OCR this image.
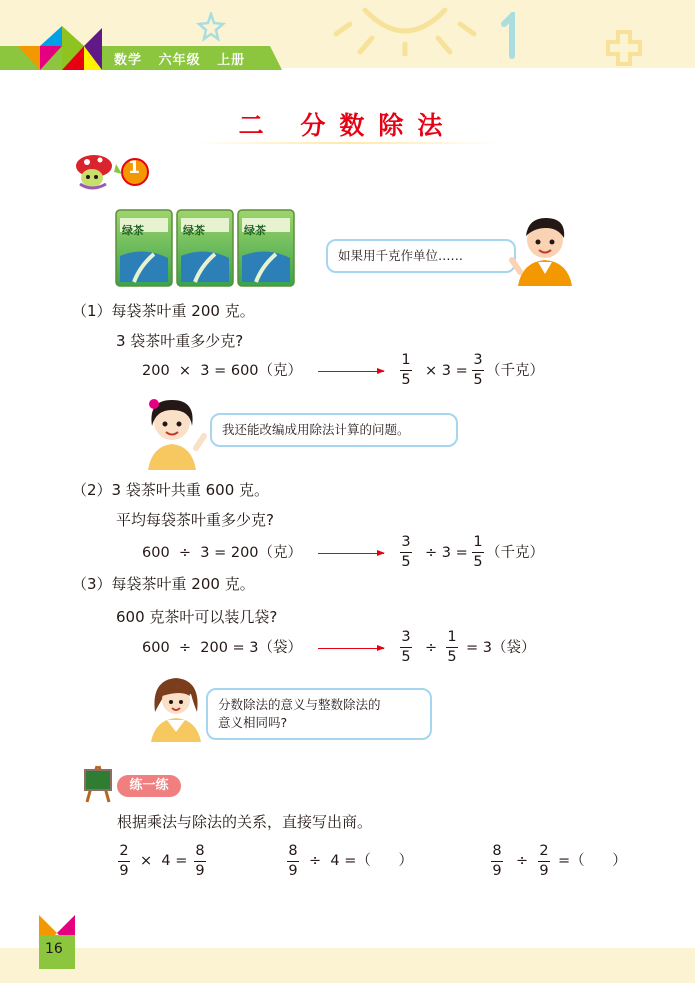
数学   六年级   上册
二 分数除法
1
绿茶	绿茶	绿茶
如果用千克作单位……
（1）每袋茶叶重 200 克。
3 袋茶叶重多少克?
200  ×  3 = 600（克）
1
5
× 3 =
3
5
（千克）
我还能改编成用除法计算的问题。
（2）3 袋茶叶共重 600 克。
平均每袋茶叶重多少克?
600  ÷  3 = 200（克）
3
5
÷ 3 =
1
5
（千克）
（3）每袋茶叶重 200 克。
600 克茶叶可以装几袋?
600  ÷  200 = 3（袋）
3
5
÷
1
5
= 3（袋）
分数除法的意义与整数除法的
意义相同吗?
练一练
根据乘法与除法的关系，直接写出商。
2
9
×  4 =
8
9
8
9
÷  4 =（      ）
8
9
÷
2
9
=（      ）
16
